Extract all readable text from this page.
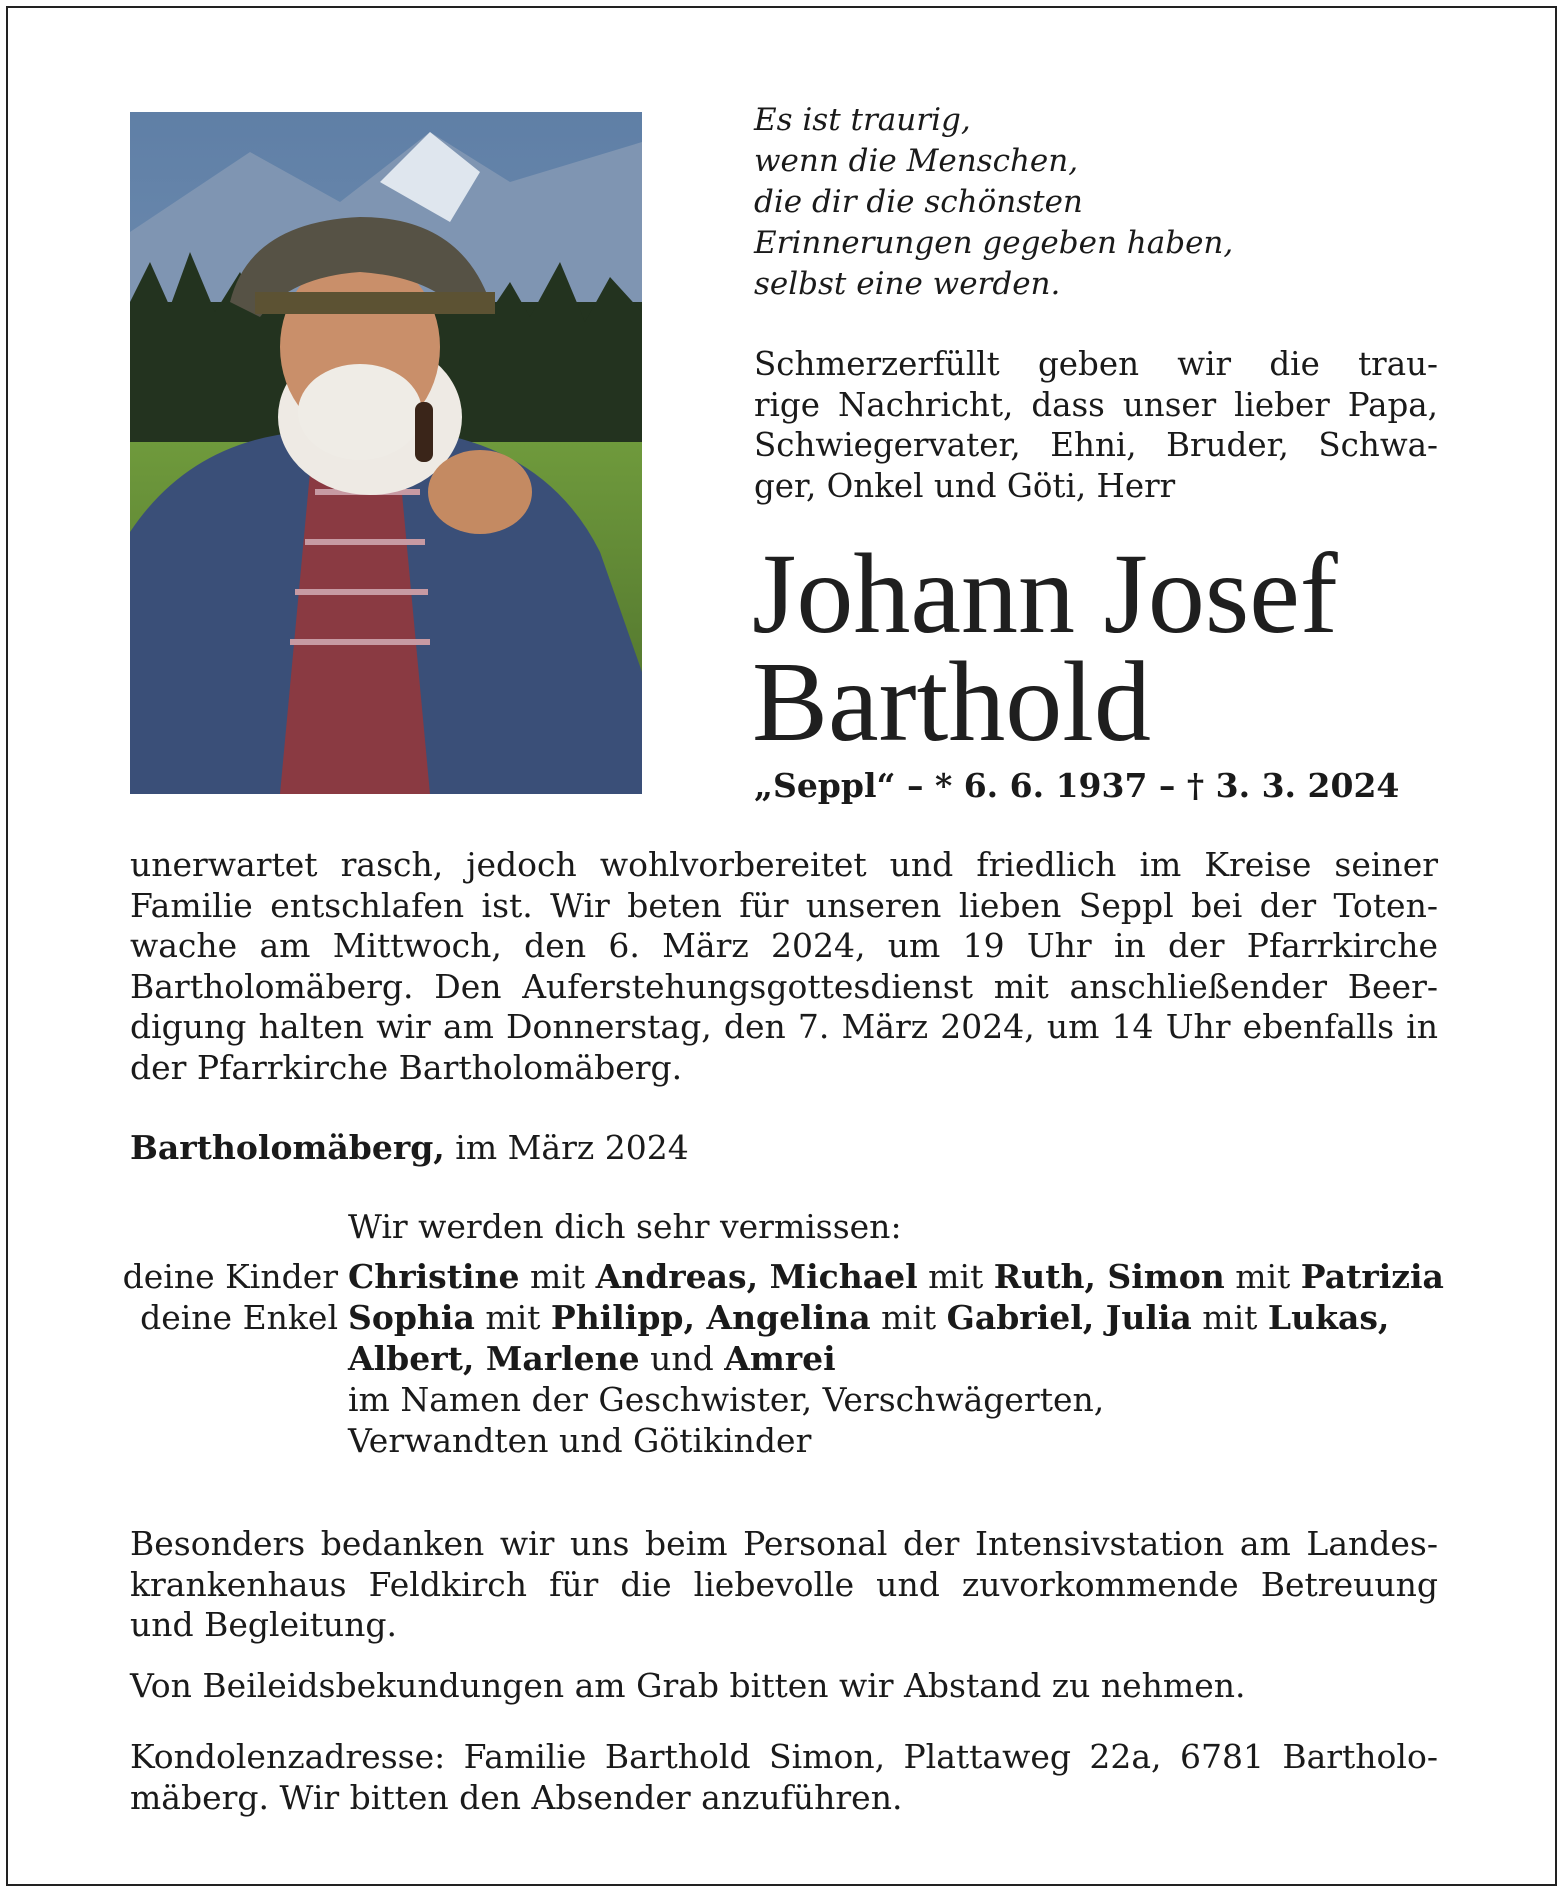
Es ist traurig,
wenn die Menschen,
die dir die schönsten
Erinnerungen gegeben haben,
selbst eine werden.
Schmerzerfüllt geben wir die trau-
rige Nachricht, dass unser lieber Papa,
Schwiegervater, Ehni, Bruder, Schwa-
ger, Onkel und Göti, Herr
Johann Josef
Barthold
„Seppl“ – * 6. 6. 1937 – † 3. 3. 2024
unerwartet rasch, jedoch wohlvorbereitet und friedlich im Kreise seiner
Familie entschlafen ist. Wir beten für unseren lieben Seppl bei der Toten-
wache am Mittwoch, den 6. März 2024, um 19 Uhr in der Pfarrkirche
Bartholomäberg. Den Auferstehungsgottesdienst mit anschließender Beer-
digung halten wir am Donnerstag, den 7. März 2024, um 14 Uhr ebenfalls in
der Pfarrkirche Bartholomäberg.
Bartholomäberg, im März 2024
Wir werden dich sehr vermissen:
deine Kinder Christine mit Andreas, Michael mit Ruth, Simon mit Patrizia
deine Enkel Sophia mit Philipp, Angelina mit Gabriel, Julia mit Lukas,
Albert, Marlene und Amrei
im Namen der Geschwister, Verschwägerten,
Verwandten und Götikinder
Besonders bedanken wir uns beim Personal der Intensivstation am Landes-
krankenhaus Feldkirch für die liebevolle und zuvorkommende Betreuung
und Begleitung.
Von Beileidsbekundungen am Grab bitten wir Abstand zu nehmen.
Kondolenzadresse: Familie Barthold Simon, Plattaweg 22a, 6781 Bartholo-
mäberg. Wir bitten den Absender anzuführen.
